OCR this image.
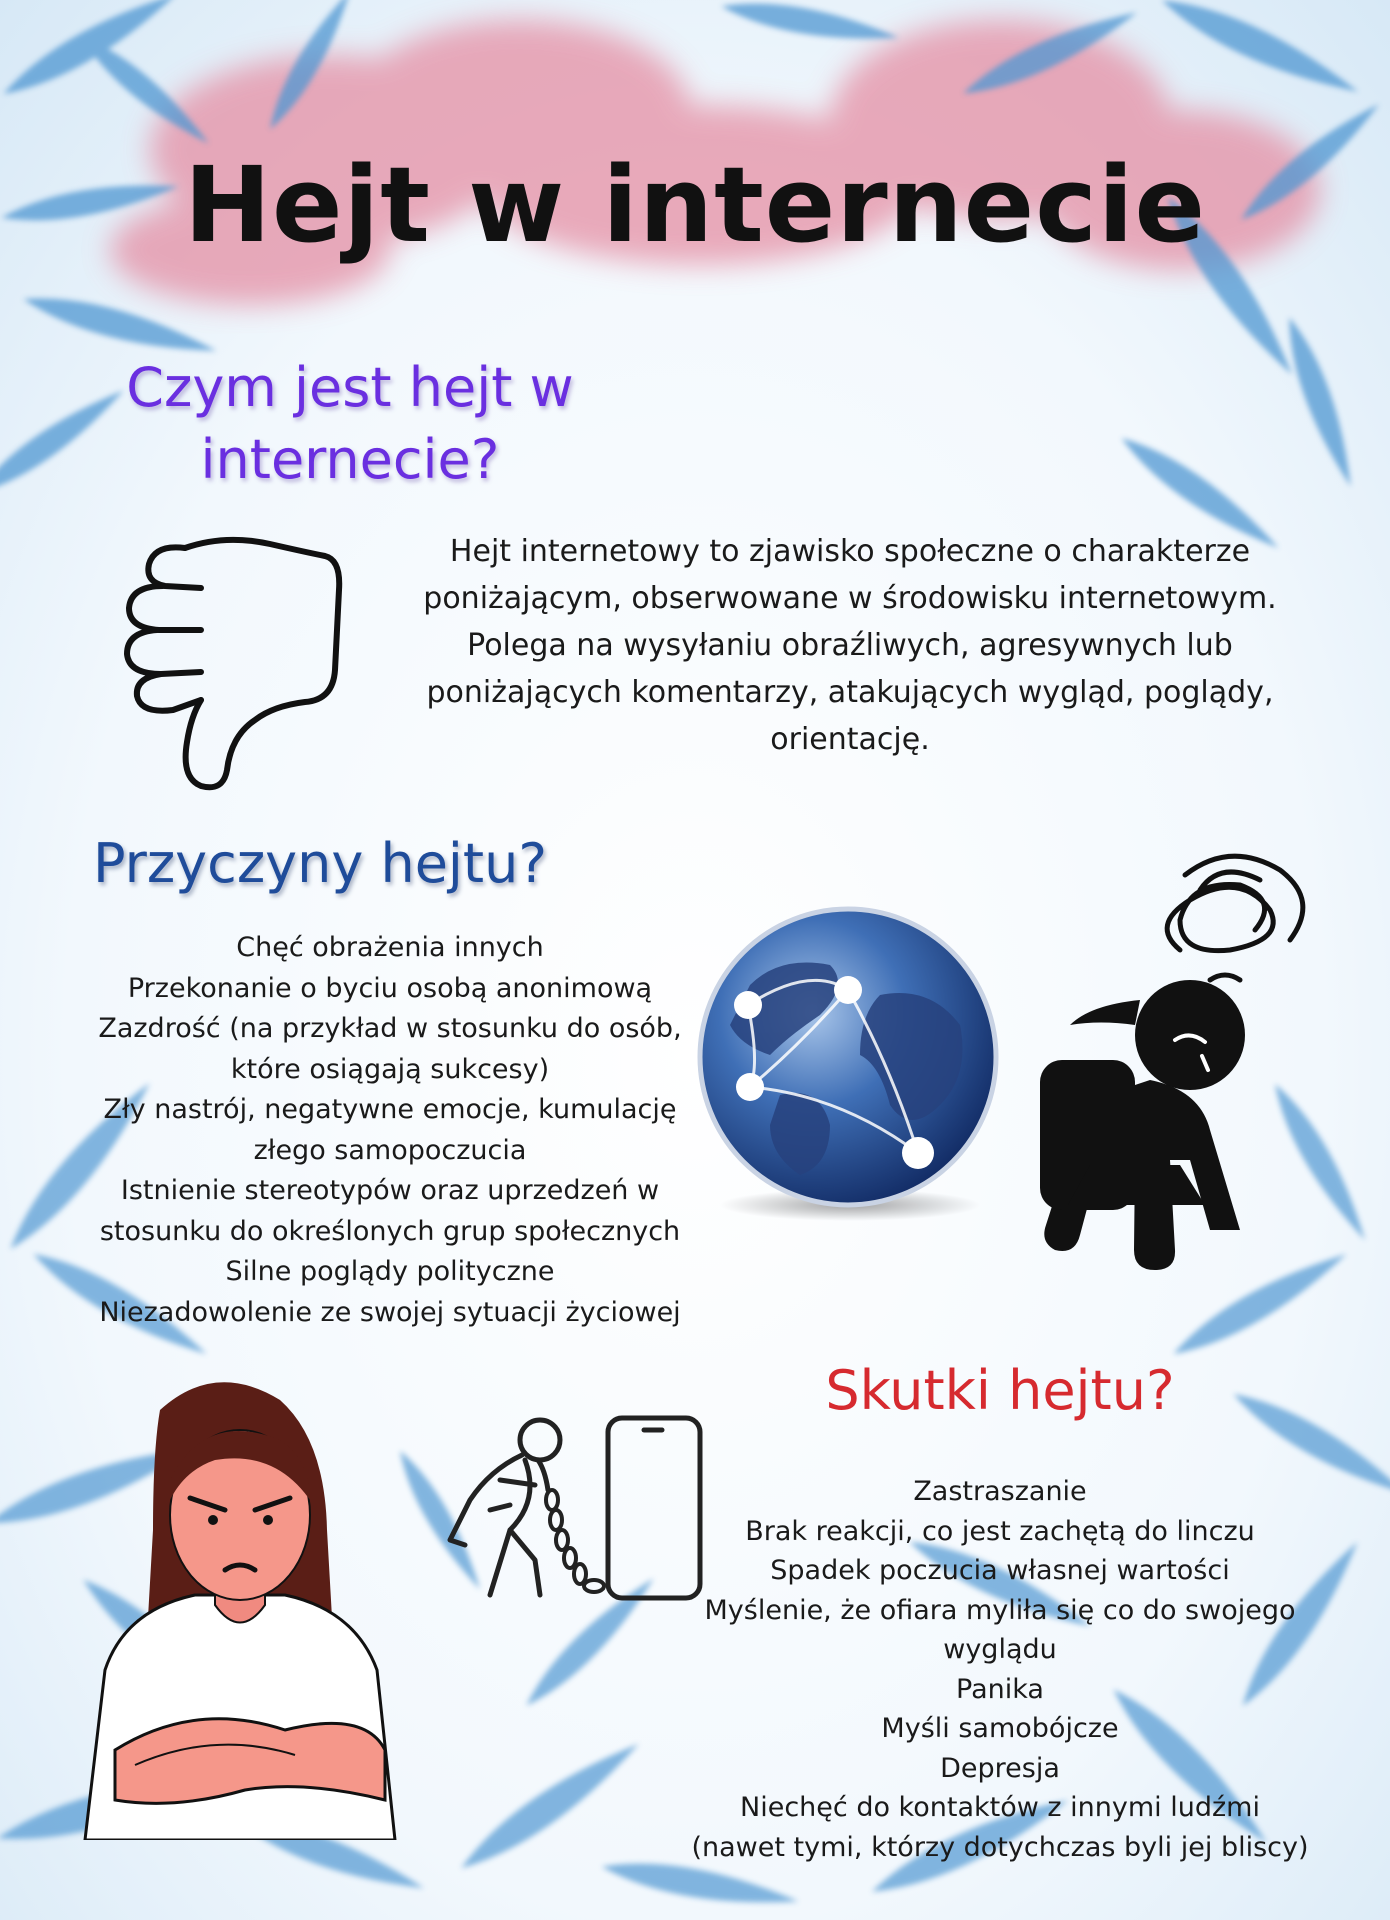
Hejt w internecie
Czym jest hejt w internecie?
Hejt internetowy to zjawisko społeczne o charakterze poniżającym, obserwowane w środowisku internetowym. Polega na wysyłaniu obraźliwych, agresywnych lub poniżających komentarzy, atakujących wygląd, poglądy, orientację.
Przyczyny hejtu?
Chęć obrażenia innych
Przekonanie o byciu osobą anonimową
Zazdrość (na przykład w stosunku do osób, które osiągają sukcesy)
Zły nastrój, negatywne emocje, kumulację złego samopoczucia
Istnienie stereotypów oraz uprzedzeń w stosunku do określonych grup społecznych
Silne poglądy polityczne
Niezadowolenie ze swojej sytuacji życiowej
Skutki hejtu?
Zastraszanie
Brak reakcji, co jest zachętą do linczu
Spadek poczucia własnej wartości
Myślenie, że ofiara myliła się co do swojego wyglądu
Panika
Myśli samobójcze
Depresja
Niechęć do kontaktów z innymi ludźmi (nawet tymi, którzy dotychczas byli jej bliscy)
